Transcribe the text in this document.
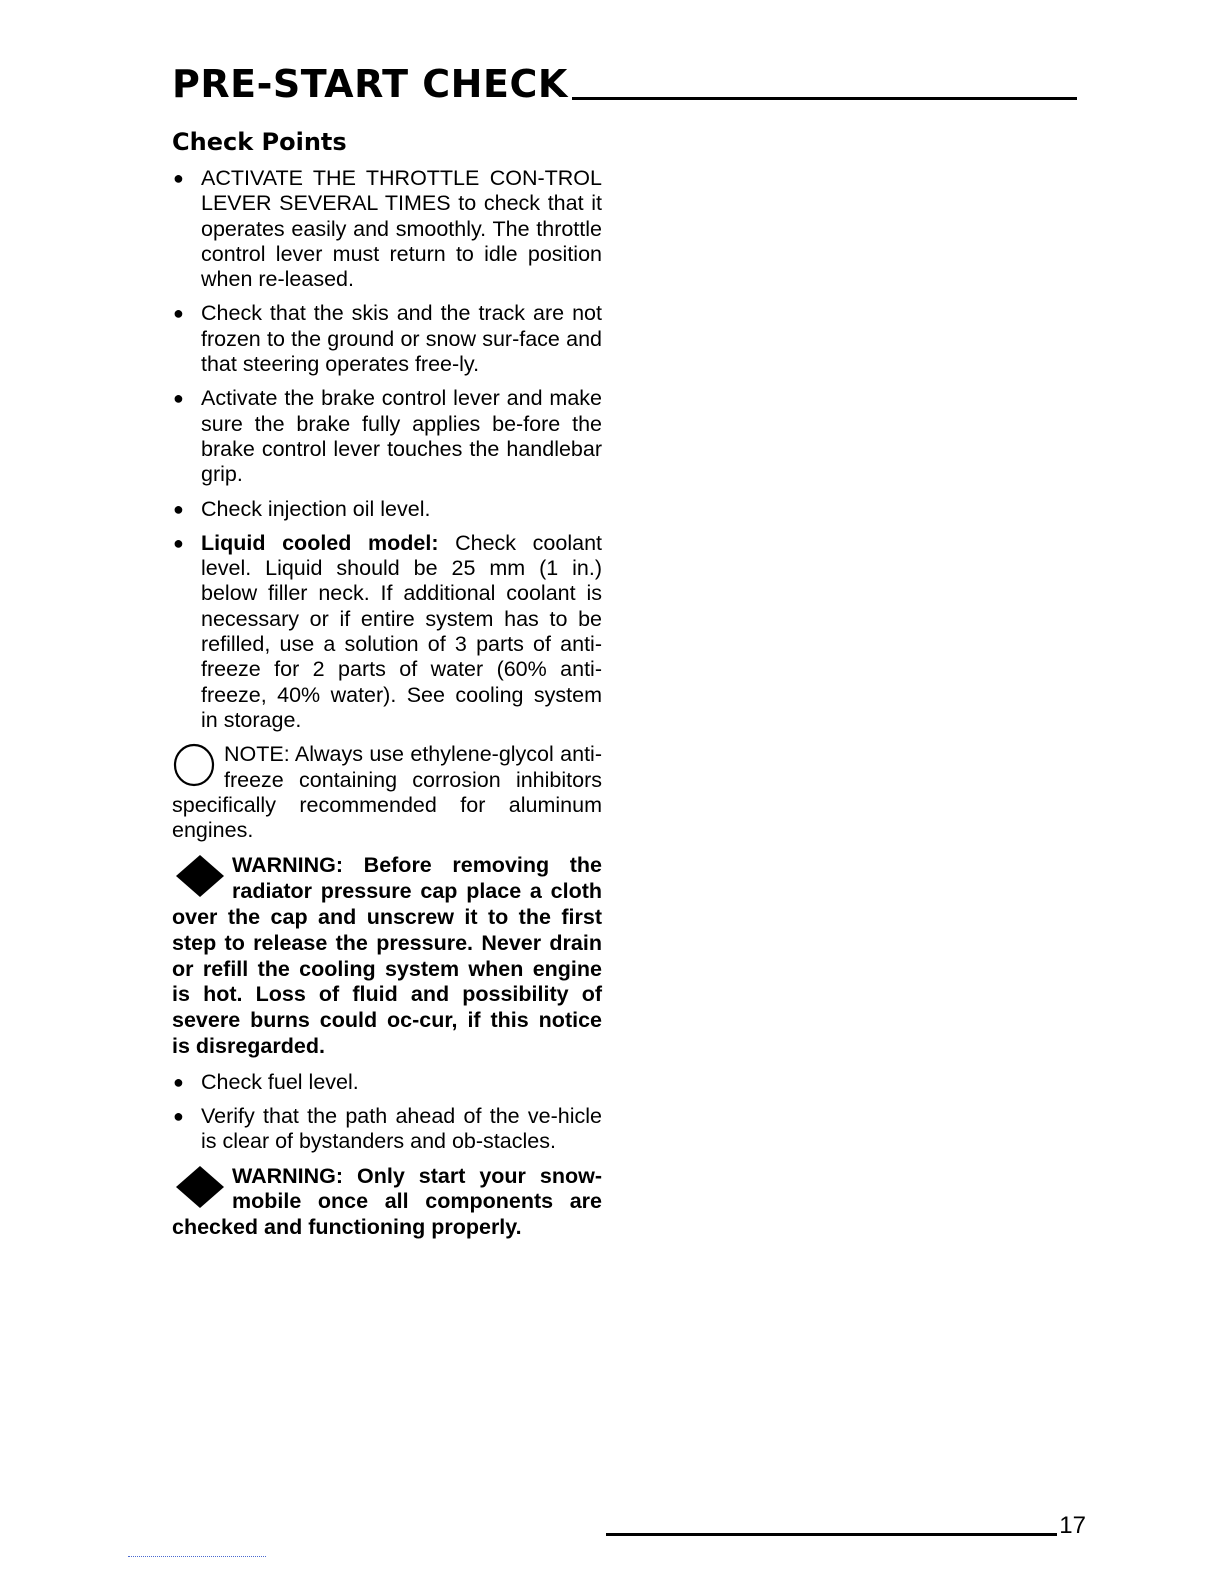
PRE-START CHECK
Check Points
● ACTIVATE THE THROTTLE CON-TROL LEVER SEVERAL TIMES to check that it operates easily and smoothly. The throttle control lever must return to idle position when re-leased.
● Check that the skis and the track are not frozen to the ground or snow sur-face and that steering operates free-ly.
● Activate the brake control lever and make sure the brake fully applies be-fore the brake control lever touches the handlebar grip.
● Check injection oil level.
● Liquid cooled model: Check coolant level. Liquid should be 25 mm (1 in.) below filler neck. If additional coolant is necessary or if entire system has to be refilled, use a solution of 3 parts of anti-freeze for 2 parts of water (60% anti-freeze, 40% water). See cooling system in storage.
NOTE: Always use ethylene-glycol anti-freeze containing corrosion inhibitors specifically recommended for aluminum engines.
WARNING: Before removing the radiator pressure cap place a cloth over the cap and unscrew it to the first step to release the pressure. Never drain or refill the cooling system when engine is hot. Loss of fluid and possibility of severe burns could oc-cur, if this notice is disregarded.
● Check fuel level.
● Verify that the path ahead of the ve-hicle is clear of bystanders and ob-stacles.
WARNING: Only start your snow-mobile once all components are checked and functioning properly.
17
